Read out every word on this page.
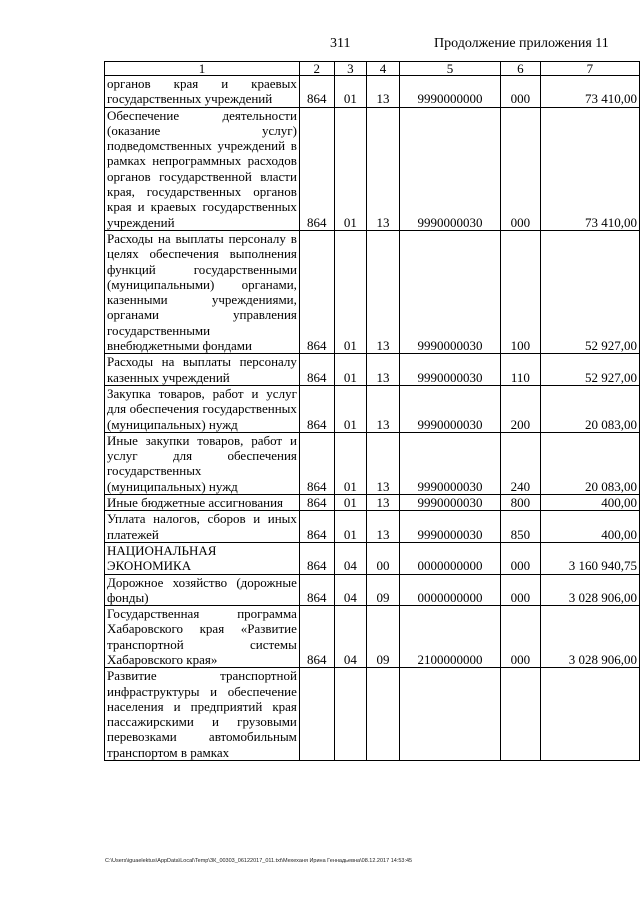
311	Продолжение приложения 11
1	2	3	4	5	6	7
органов края и краевых государственных учреждений	864	01	13	9990000000	000	73 410,00
Обеспечение деятельности (оказание услуг) подведомственных учреждений в рамках непрограммных расходов органов государственной власти края, государственных органов края и краевых государственных учреждений	864	01	13	9990000030	000	73 410,00
Расходы на выплаты персоналу в целях обеспечения выполнения функций государственными (муниципальными) органами, казенными учреждениями, органами управления государственными внебюджетными фондами	864	01	13	9990000030	100	52 927,00
Расходы на выплаты персоналу казенных учреждений	864	01	13	9990000030	110	52 927,00
Закупка товаров, работ и услуг для обеспечения государственных (муниципальных) нужд	864	01	13	9990000030	200	20 083,00
Иные закупки товаров, работ и услуг для обеспечения государственных (муниципальных) нужд	864	01	13	9990000030	240	20 083,00
Иные бюджетные ассигнования	864	01	13	9990000030	800	400,00
Уплата налогов, сборов и иных платежей	864	01	13	9990000030	850	400,00
НАЦИОНАЛЬНАЯ ЭКОНОМИКА	864	04	00	0000000000	000	3 160 940,75
Дорожное хозяйство (дорожные фонды)	864	04	09	0000000000	000	3 028 906,00
Государственная программа Хабаровского края «Развитие транспортной системы Хабаровского края»	864	04	09	2100000000	000	3 028 906,00
Развитие транспортной инфраструктуры и обеспечение населения и предприятий края пассажирскими и грузовыми перевозками автомобильным транспортом в рамках						
C:\Users\iguaelektus\AppData\Local\Temp\ЗК_00303_06122017_011.txt\Мехеханя Ирина Геннадьевна\08.12.2017 14:53:45
